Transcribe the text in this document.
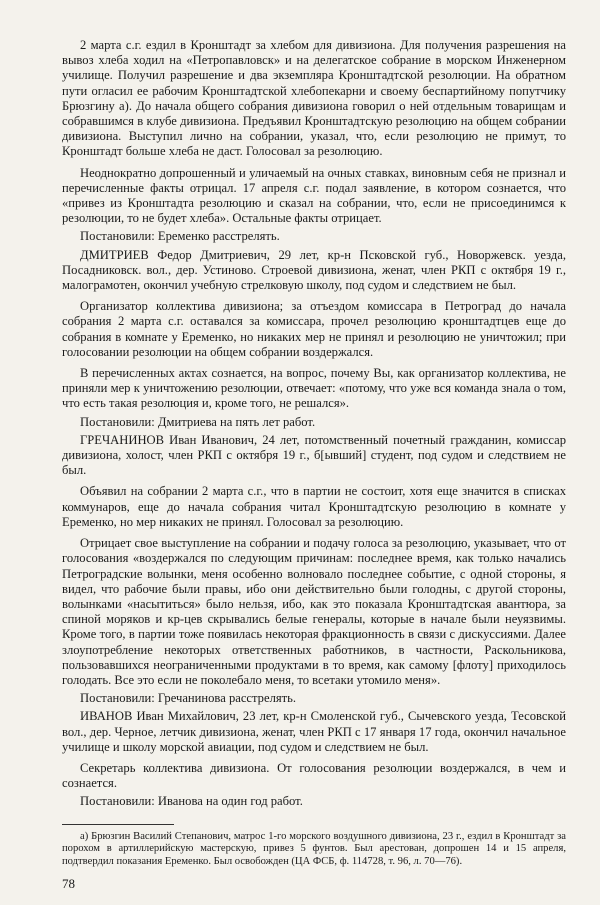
2 марта с.г. ездил в Кронштадт за хлебом для дивизиона. Для получения разрешения на вывоз хлеба ходил на «Петропавловск» и на делегатское собрание в морском Инженерном училище. Получил разрешение и два экземпляра Кронштадтской резолюции. На обратном пути огласил ее рабочим Кронштадтской хлебопекарни и своему беспартийному попутчику Брюзгину а). До начала общего собрания дивизиона говорил о ней отдельным товарищам и собравшимся в клубе дивизиона. Предъявил Кронштадтскую резолюцию на общем собрании дивизиона. Выступил лично на собрании, указал, что, если резолюцию не примут, то Кронштадт больше хлеба не даст. Голосовал за резолюцию.

Неоднократно допрошенный и уличаемый на очных ставках, виновным себя не признал и перечисленные факты отрицал. 17 апреля с.г. подал заявление, в котором сознается, что «привез из Кронштадта резолюцию и сказал на собрании, что, если не присоединимся к резолюции, то не будет хлеба». Остальные факты отрицает.

Постановили: Еременко расстрелять.

ДМИТРИЕВ Федор Дмитриевич, 29 лет, кр-н Псковской губ., Новоржевск. уезда, Посадниковск. вол., дер. Устиново. Строевой дивизиона, женат, член РКП с октября 19 г., малограмотен, окончил учебную стрелковую школу, под судом и следствием не был.

Организатор коллектива дивизиона; за отъездом комиссара в Петроград до начала собрания 2 марта с.г. оставался за комиссара, прочел резолюцию кронштадтцев еще до собрания в комнате у Еременко, но никаких мер не принял и резолюцию не уничтожил; при голосовании резолюции на общем собрании воздержался.

В перечисленных актах сознается, на вопрос, почему Вы, как организатор коллектива, не приняли мер к уничтожению резолюции, отвечает: «потому, что уже вся команда знала о том, что есть такая резолюция и, кроме того, не решался».

Постановили: Дмитриева на пять лет работ.

ГРЕЧАНИНОВ Иван Иванович, 24 лет, потомственный почетный гражданин, комиссар дивизиона, холост, член РКП с октября 19 г., б[ывший] студент, под судом и следствием не был.

Объявил на собрании 2 марта с.г., что в партии не состоит, хотя еще значится в списках коммунаров, еще до начала собрания читал Кронштадтскую резолюцию в комнате у Еременко, но мер никаких не принял. Голосовал за резолюцию.

Отрицает свое выступление на собрании и подачу голоса за резолюцию, указывает, что от голосования «воздержался по следующим причинам: последнее время, как только начались Петроградские волынки, меня особенно волновало последнее событие, с одной стороны, я видел, что рабочие были правы, ибо они действительно были голодны, с другой стороны, волынками «насытиться» было нельзя, ибо, как это показала Кронштадтская авантюра, за спиной моряков и кр-цев скрывались белые генералы, которые в начале были неуязвимы. Кроме того, в партии тоже появилась некоторая фракционность в связи с дискуссиями. Далее злоупотребление некоторых ответственных работников, в частности, Раскольникова, пользовавшихся неограниченными продуктами в то время, как самому [флоту] приходилось голодать. Все это если не поколебало меня, то всетаки утомило меня».

Постановили: Гречанинова расстрелять.

ИВАНОВ Иван Михайлович, 23 лет, кр-н Смоленской губ., Сычевского уезда, Тесовской вол., дер. Черное, летчик дивизиона, женат, член РКП с 17 января 17 года, окончил начальное училище и школу морской авиации, под судом и следствием не был.

Секретарь коллектива дивизиона. От голосования резолюции воздержался, в чем и сознается.

Постановили: Иванова на один год работ.

а) Брюзгин Василий Степанович, матрос 1-го морского воздушного дивизиона, 23 г., ездил в Кронштадт за порохом в артиллерийскую мастерскую, привез 5 фунтов. Был арестован, допрошен 14 и 15 апреля, подтвердил показания Еременко. Был освобожден (ЦА ФСБ, ф. 114728, т. 96, л. 70—76).

78
